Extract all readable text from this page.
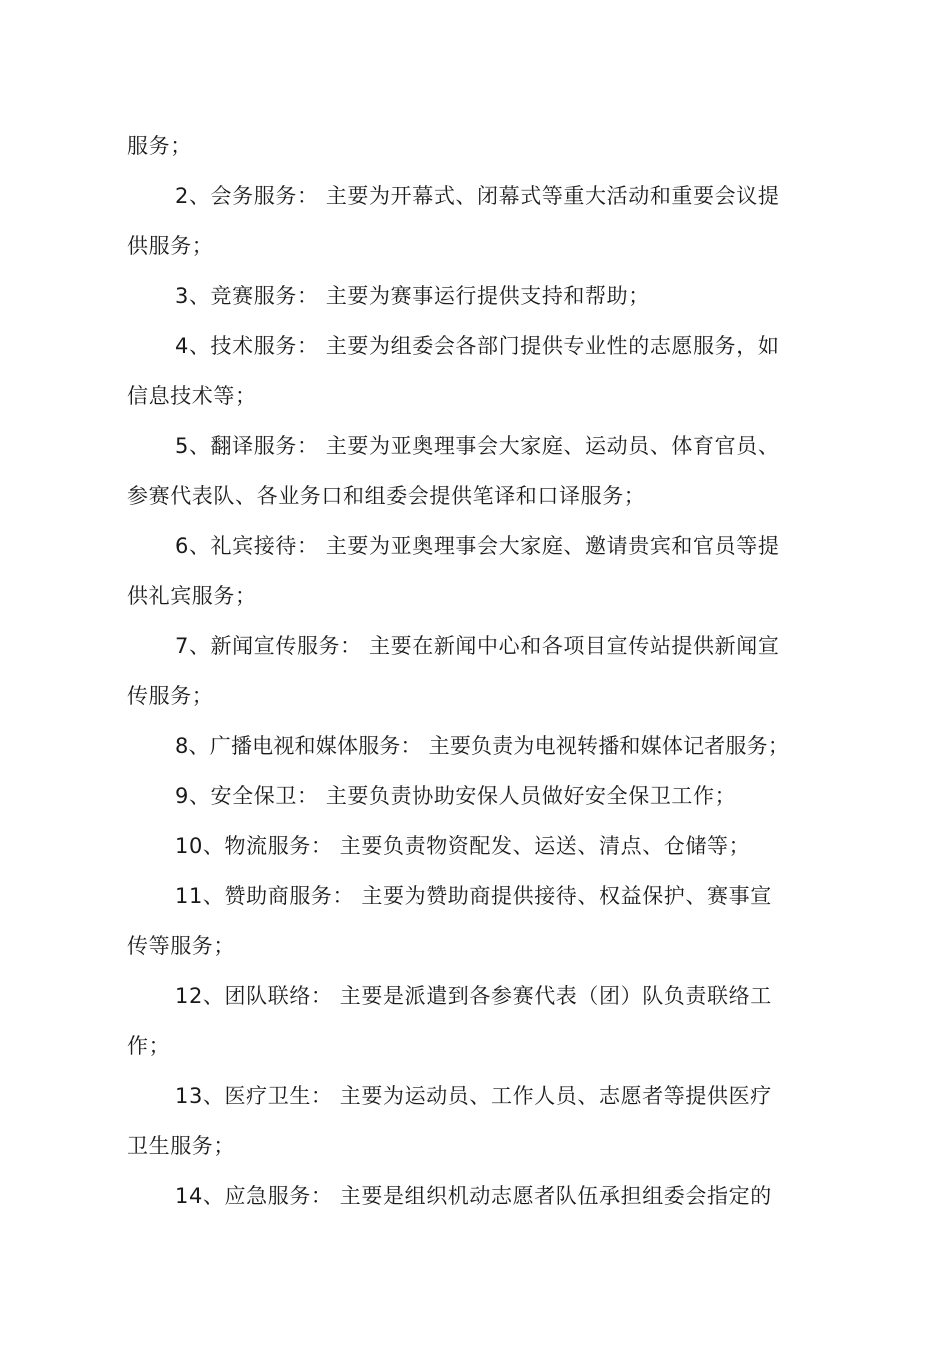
服务；
2、会务服务： 主要为开幕式、闭幕式等重大活动和重要会议提
供服务；
3、竞赛服务： 主要为赛事运行提供支持和帮助；
4、技术服务： 主要为组委会各部门提供专业性的志愿服务，如
信息技术等；
5、翻译服务： 主要为亚奥理事会大家庭、运动员、体育官员、
参赛代表队、各业务口和组委会提供笔译和口译服务；
6、礼宾接待： 主要为亚奥理事会大家庭、邀请贵宾和官员等提
供礼宾服务；
7、新闻宣传服务： 主要在新闻中心和各项目宣传站提供新闻宣
传服务；
8、广播电视和媒体服务： 主要负责为电视转播和媒体记者服务；
9、安全保卫： 主要负责协助安保人员做好安全保卫工作；
10、物流服务： 主要负责物资配发、运送、清点、仓储等；
11、赞助商服务： 主要为赞助商提供接待、权益保护、赛事宣
传等服务；
12、团队联络： 主要是派遣到各参赛代表（团）队负责联络工
作；
13、医疗卫生： 主要为运动员、工作人员、志愿者等提供医疗
卫生服务；
14、应急服务： 主要是组织机动志愿者队伍承担组委会指定的
